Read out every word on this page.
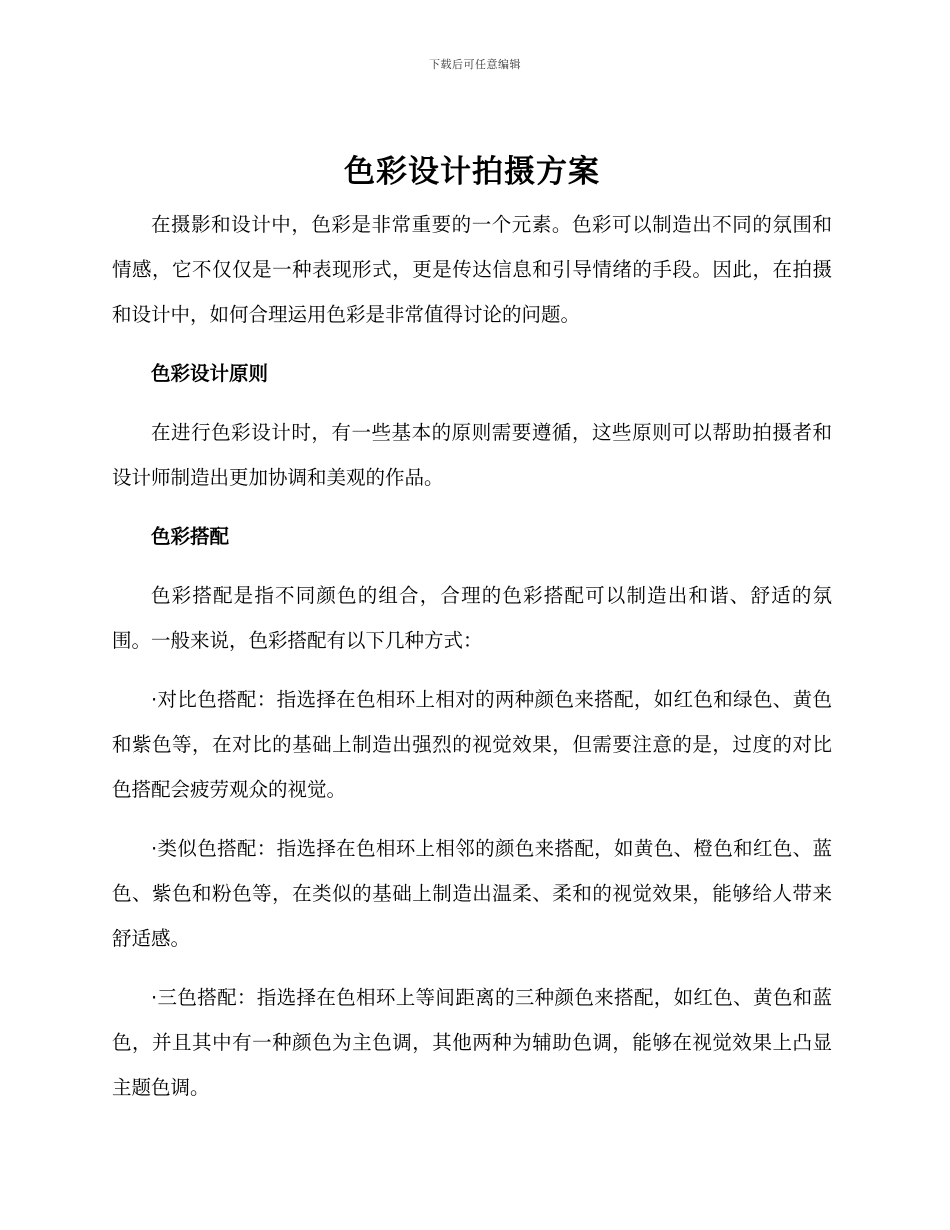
下载后可任意编辑
色彩设计拍摄方案

在摄影和设计中，色彩是非常重要的一个元素。色彩可以制造出不同的氛围和情感，它不仅仅是一种表现形式，更是传达信息和引导情绪的手段。因此，在拍摄和设计中，如何合理运用色彩是非常值得讨论的问题。

色彩设计原则

在进行色彩设计时，有一些基本的原则需要遵循，这些原则可以帮助拍摄者和设计师制造出更加协调和美观的作品。

色彩搭配

色彩搭配是指不同颜色的组合，合理的色彩搭配可以制造出和谐、舒适的氛围。一般来说，色彩搭配有以下几种方式：

·对比色搭配：指选择在色相环上相对的两种颜色来搭配，如红色和绿色、黄色和紫色等，在对比的基础上制造出强烈的视觉效果，但需要注意的是，过度的对比色搭配会疲劳观众的视觉。

·类似色搭配：指选择在色相环上相邻的颜色来搭配，如黄色、橙色和红色、蓝色、紫色和粉色等，在类似的基础上制造出温柔、柔和的视觉效果，能够给人带来舒适感。

·三色搭配：指选择在色相环上等间距离的三种颜色来搭配，如红色、黄色和蓝色，并且其中有一种颜色为主色调，其他两种为辅助色调，能够在视觉效果上凸显主题色调。
